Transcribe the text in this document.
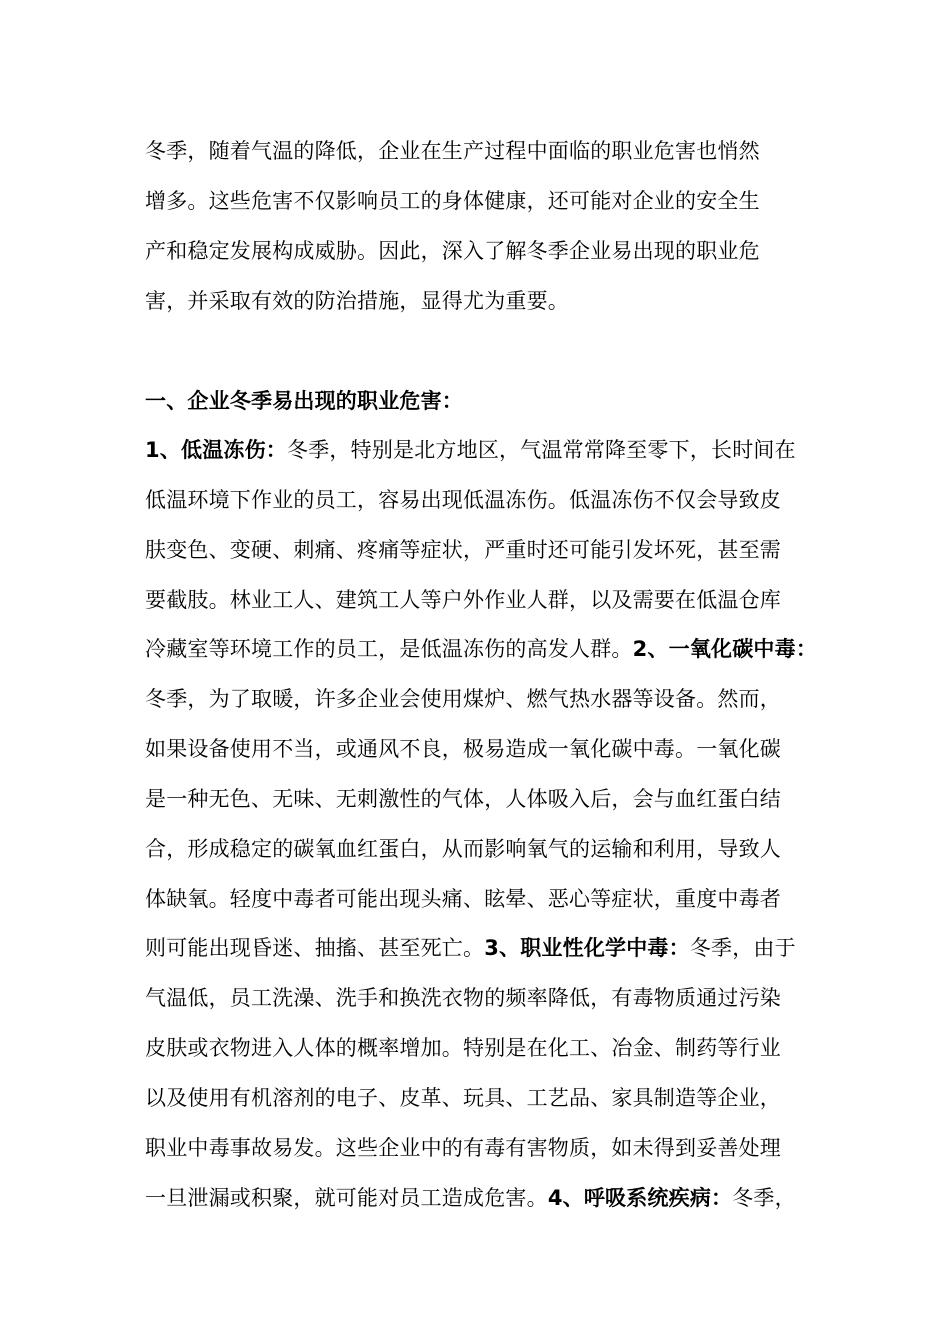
冬季，随着气温的降低，企业在生产过程中面临的职业危害也悄然
增多。这些危害不仅影响员工的身体健康，还可能对企业的安全生
产和稳定发展构成威胁。因此，深入了解冬季企业易出现的职业危
害，并采取有效的防治措施，显得尤为重要。
一、企业冬季易出现的职业危害：
1、低温冻伤：冬季，特别是北方地区，气温常常降至零下，长时间在
低温环境下作业的员工，容易出现低温冻伤。低温冻伤不仅会导致皮
肤变色、变硬、刺痛、疼痛等症状，严重时还可能引发坏死，甚至需
要截肢。林业工人、建筑工人等户外作业人群，以及需要在低温仓库
冷藏室等环境工作的员工，是低温冻伤的高发人群。2、一氧化碳中毒：
冬季，为了取暖，许多企业会使用煤炉、燃气热水器等设备。然而，
如果设备使用不当，或通风不良，极易造成一氧化碳中毒。一氧化碳
是一种无色、无味、无刺激性的气体，人体吸入后，会与血红蛋白结
合，形成稳定的碳氧血红蛋白，从而影响氧气的运输和利用，导致人
体缺氧。轻度中毒者可能出现头痛、眩晕、恶心等症状，重度中毒者
则可能出现昏迷、抽搐、甚至死亡。3、职业性化学中毒：冬季，由于
气温低，员工洗澡、洗手和换洗衣物的频率降低，有毒物质通过污染
皮肤或衣物进入人体的概率增加。特别是在化工、冶金、制药等行业
以及使用有机溶剂的电子、皮革、玩具、工艺品、家具制造等企业，
职业中毒事故易发。这些企业中的有毒有害物质，如未得到妥善处理
一旦泄漏或积聚，就可能对员工造成危害。4、呼吸系统疾病：冬季，
